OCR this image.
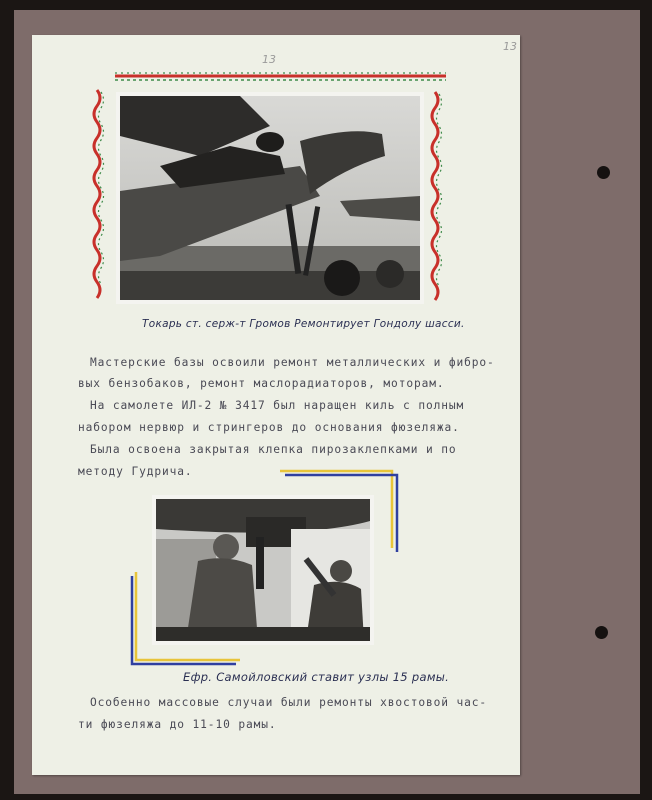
13
13
Токарь ст. серж-т Громов Ремонтирует Гондолу шасси.

Мастерские базы освоили ремонт металлических и фибро-

вых бензобаков, ремонт маслорадиаторов, моторам.

На самолете ИЛ-2 № 3417 был наращен киль с полным

набором нервюр и стрингеров до основания фюзеляжа.

Была освоена закрытая клепка пирозаклепками и по

методу Гудрича.

Ефр. Самойловский ставит узлы 15 рамы.

Особенно массовые случаи были ремонты хвостовой час-

ти фюзеляжа до 11-10 рамы.
